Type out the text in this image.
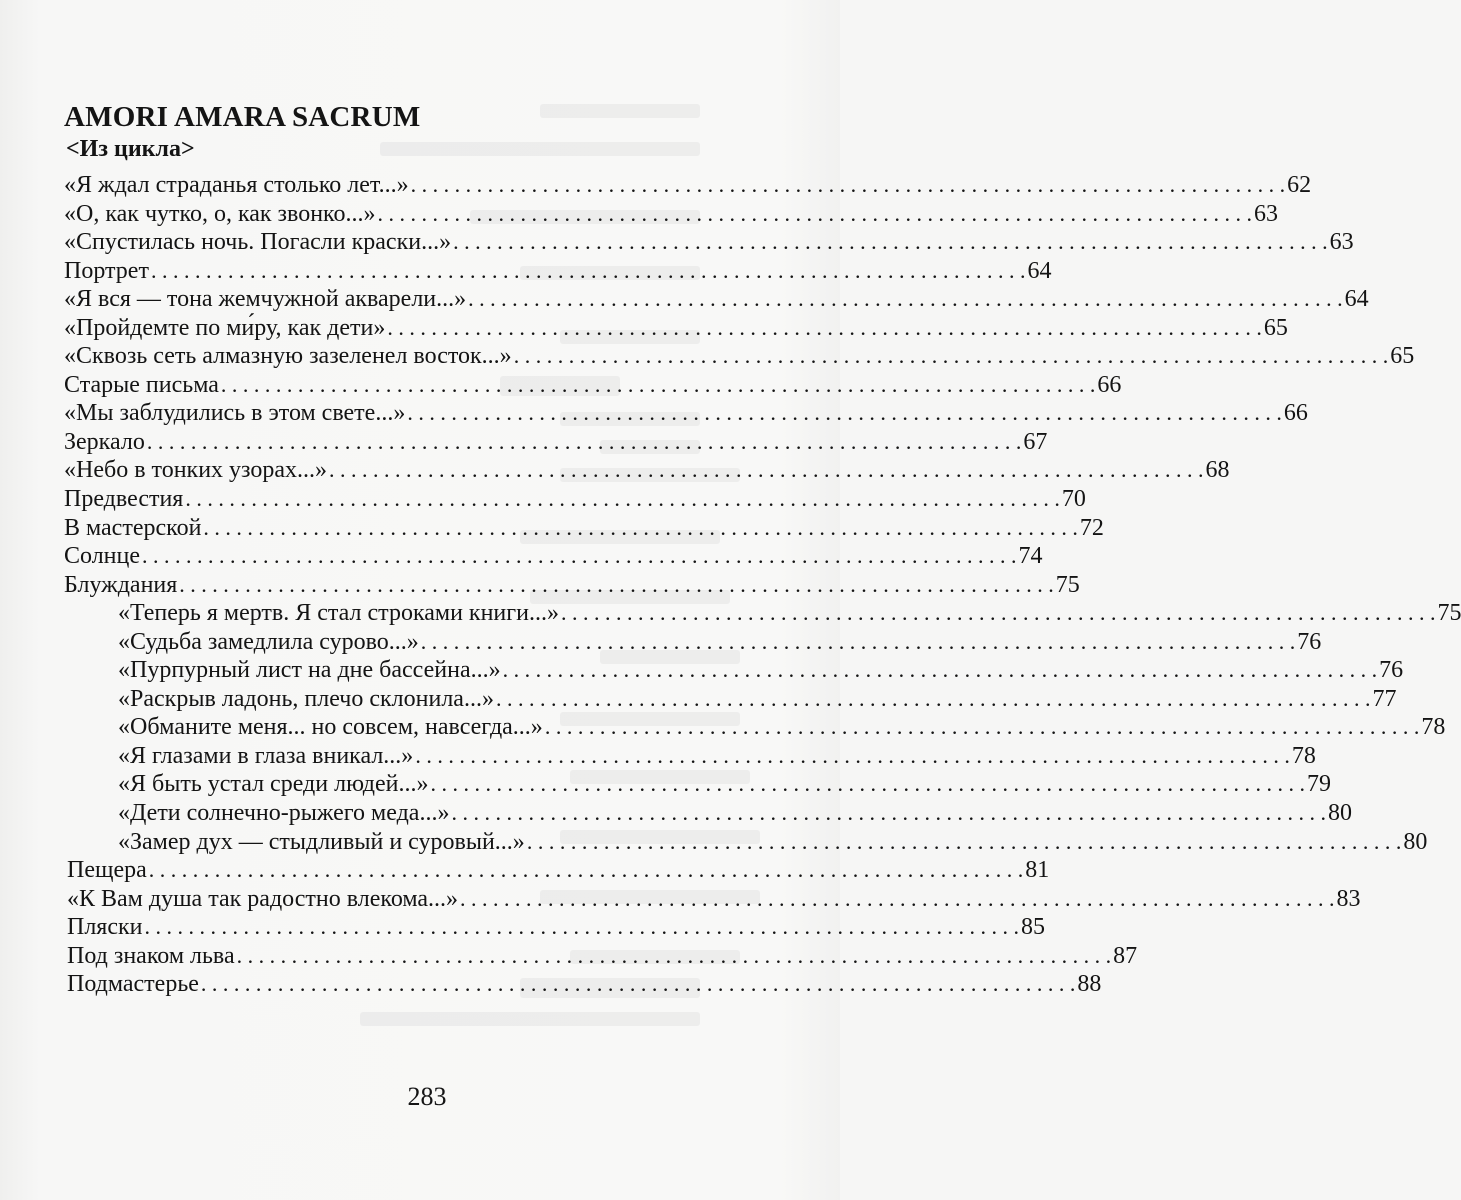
AMORI AMARA SACRUM
<Из цикла>
«Я ждал страданья столько лет...» . . .	62
«О, как чутко, о, как звонко...» . . .	63
«Спустилась ночь. Погасли краски...» . . .	63
Портрет . . .	64
«Я вся — тона жемчужной акварели...» . . .	64
«Пройдемте по ми́ру, как дети» . . .	65
«Сквозь сеть алмазную зазеленел восток...» . . .	65
Старые письма . . .	66
«Мы заблудились в этом свете...» . . .	66
Зеркало . . .	67
«Небо в тонких узорах...» . . .	68
Предвестия . . .	70
В мастерской . . .	72
Солнце . . .	74
Блуждания . . .	75
«Теперь я мертв. Я стал строками книги...» . . .	75
«Судьба замедлила сурово...» . . .	76
«Пурпурный лист на дне бассейна...» . . .	76
«Раскрыв ладонь, плечо склонила...» . . .	77
«Обманите меня... но совсем, навсегда...» . . .	78
«Я глазами в глаза вникал...» . . .	78
«Я быть устал среди людей...» . . .	79
«Дети солнечно-рыжего меда...» . . .	80
«Замер дух — стыдливый и суровый...» . . .	80
Пещера . . .	81
«К Вам душа так радостно влекома...» . . .	83
Пляски . . .	85
Под знаком льва . . .	87
Подмастерье . . .	88
283
